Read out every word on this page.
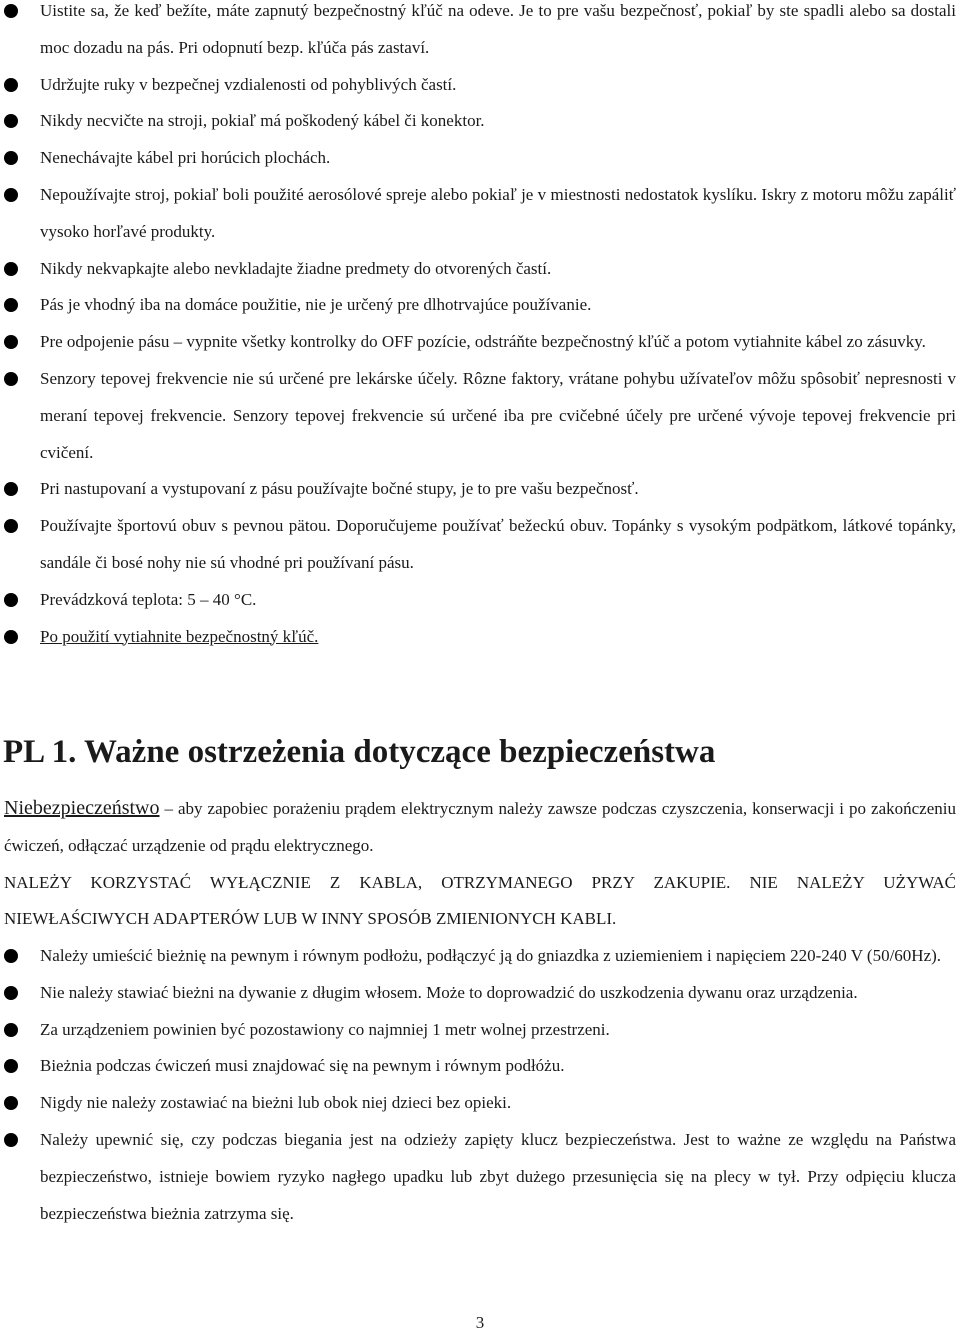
Uistite sa, že keď bežíte, máte zapnutý bezpečnostný kľúč na odeve. Je to pre vašu bezpečnosť, pokiaľ by ste spadli alebo sa dostali moc dozadu na pás. Pri odopnutí bezp. kľúča pás zastaví.
Udržujte ruky v bezpečnej vzdialenosti od pohyblivých častí.
Nikdy necvičte na stroji, pokiaľ má poškodený kábel či konektor.
Nenechávajte kábel pri horúcich plochách.
Nepoužívajte stroj, pokiaľ boli použité aerosólové spreje alebo pokiaľ je v miestnosti nedostatok kyslíku. Iskry z motoru môžu zapáliť vysoko horľavé produkty.
Nikdy nekvapkajte alebo nevkladajte žiadne predmety do otvorených častí.
Pás je vhodný iba na domáce použitie, nie je určený pre dlhotrvajúce používanie.
Pre odpojenie pásu – vypnite všetky kontrolky do OFF pozície, odstráňte bezpečnostný kľúč a potom vytiahnite kábel zo zásuvky.
Senzory tepovej frekvencie nie sú určené pre lekárske účely. Rôzne faktory, vrátane pohybu užívateľov môžu spôsobiť nepresnosti v meraní tepovej frekvencie. Senzory tepovej frekvencie sú určené iba pre cvičebné účely pre určené vývoje tepovej frekvencie pri cvičení.
Pri nastupovaní a vystupovaní z pásu používajte bočné stupy, je to pre vašu bezpečnosť.
Používajte športovú obuv s pevnou pätou. Doporučujeme používať bežeckú obuv. Topánky s vysokým podpätkom, látkové topánky, sandále či bosé nohy nie sú vhodné pri používaní pásu.
Prevádzková teplota: 5 – 40 °C.
Po použití vytiahnite bezpečnostný kľúč.
PL 1. Ważne ostrzeżenia dotyczące bezpieczeństwa

Niebezpieczeństwo – aby zapobiec porażeniu prądem elektrycznym należy zawsze podczas czyszczenia, konserwacji i po zakończeniu ćwiczeń, odłączać urządzenie od prądu elektrycznego.

NALEŻY KORZYSTAĆ WYŁĄCZNIE Z KABLA, OTRZYMANEGO PRZY ZAKUPIE. NIE NALEŻY UŻYWAĆ NIEWŁAŚCIWYCH ADAPTERÓW LUB W INNY SPOSÓB ZMIENIONYCH KABLI.

Należy umieścić bieżnię na pewnym i równym podłożu, podłączyć ją do gniazdka z uziemieniem i napięciem 220-240 V (50/60Hz).
Nie należy stawiać bieżni na dywanie z długim włosem. Może to doprowadzić do uszkodzenia dywanu oraz urządzenia.
Za urządzeniem powinien być pozostawiony co najmniej 1 metr wolnej przestrzeni.
Bieżnia podczas ćwiczeń musi znajdować się na pewnym i równym podłóżu.
Nigdy nie należy zostawiać na bieżni lub obok niej dzieci bez opieki.
Należy upewnić się, czy podczas biegania jest na odzieży zapięty klucz bezpieczeństwa. Jest to ważne ze względu na Państwa bezpieczeństwo, istnieje bowiem ryzyko nagłego upadku lub zbyt dużego przesunięcia się na plecy w tył. Przy odpięciu klucza bezpieczeństwa bieżnia zatrzyma się.
3
